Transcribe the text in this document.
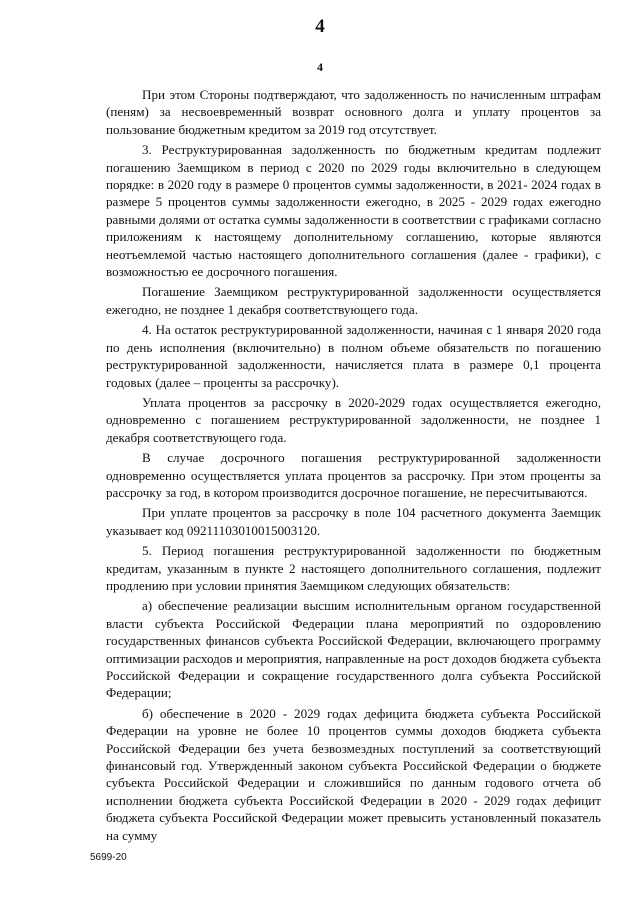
4
4

При этом Стороны подтверждают, что задолженность по начисленным штрафам (пеням) за несвоевременный возврат основного долга и уплату процентов за пользование бюджетным кредитом за 2019 год отсутствует.

3. Реструктурированная задолженность по бюджетным кредитам подлежит погашению Заемщиком в период с 2020 по 2029 годы включительно в следующем порядке: в 2020 году в размере 0 процентов суммы задолженности, в 2021- 2024 годах в размере 5 процентов суммы задолженности ежегодно, в 2025 - 2029 годах ежегодно равными долями от остатка суммы задолженности в соответствии с графиками согласно приложениям к настоящему дополнительному соглашению, которые являются неотъемлемой частью настоящего дополнительного соглашения (далее - графики), с возможностью ее досрочного погашения.

Погашение Заемщиком реструктурированной задолженности осуществляется ежегодно, не позднее 1 декабря соответствующего года.

4. На остаток реструктурированной задолженности, начиная с 1 января 2020 года по день исполнения (включительно) в полном объеме обязательств по погашению реструктурированной задолженности, начисляется плата в размере 0,1 процента годовых (далее – проценты за рассрочку).

Уплата процентов за рассрочку в 2020-2029 годах осуществляется ежегодно, одновременно с погашением реструктурированной задолженности, не позднее 1 декабря соответствующего года.

В случае досрочного погашения реструктурированной задолженности одновременно осуществляется уплата процентов за рассрочку. При этом проценты за рассрочку за год, в котором производится досрочное погашение, не пересчитываются.

При уплате процентов за рассрочку в поле 104 расчетного документа Заемщик указывает код 09211103010015003120.

5. Период погашения реструктурированной задолженности по бюджетным кредитам, указанным в пункте 2 настоящего дополнительного соглашения, подлежит продлению при условии принятия Заемщиком следующих обязательств:

а) обеспечение реализации высшим исполнительным органом государственной власти субъекта Российской Федерации плана мероприятий по оздоровлению государственных финансов субъекта Российской Федерации, включающего программу оптимизации расходов и мероприятия, направленные на рост доходов бюджета субъекта Российской Федерации и сокращение государственного долга субъекта Российской Федерации;

б) обеспечение в 2020 - 2029 годах дефицита бюджета субъекта Российской Федерации на уровне не более 10 процентов суммы доходов бюджета субъекта Российской Федерации без учета безвозмездных поступлений за соответствующий финансовый год. Утвержденный законом субъекта Российской Федерации о бюджете субъекта Российской Федерации и сложившийся по данным годового отчета об исполнении бюджета субъекта Российской Федерации в 2020 - 2029 годах дефицит бюджета субъекта Российской Федерации может превысить установленный показатель на сумму

5699-20
